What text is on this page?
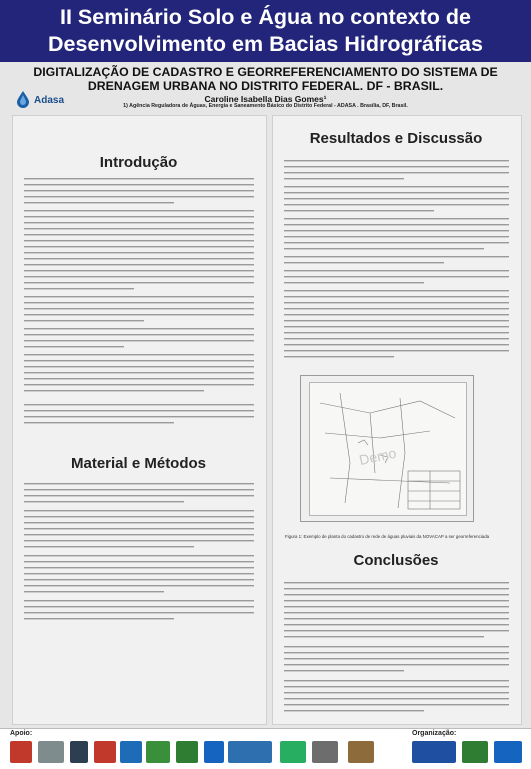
II Seminário Solo e Água no contexto de
Desenvolvimento em Bacias Hidrográficas
DIGITALIZAÇÃO DE CADASTRO E GEORREFERENCIAMENTO DO SISTEMA DE
DRENAGEM URBANA NO DISTRITO FEDERAL. DF - BRASIL.
Adasa	Caroline Isabella Dias Gomes¹
1) Agência Reguladora de Águas, Energia e Saneamento Básico do Distrito Federal - ADASA . Brasília, DF, Brasil.
Introdução
Material e Métodos
Resultados e Discussão
Conclusões
Demo
Figura 1: Exemplo de planta do cadastro de rede de águas pluviais da NOVACAP a ser georreferenciada
Apoio:	Organização:
